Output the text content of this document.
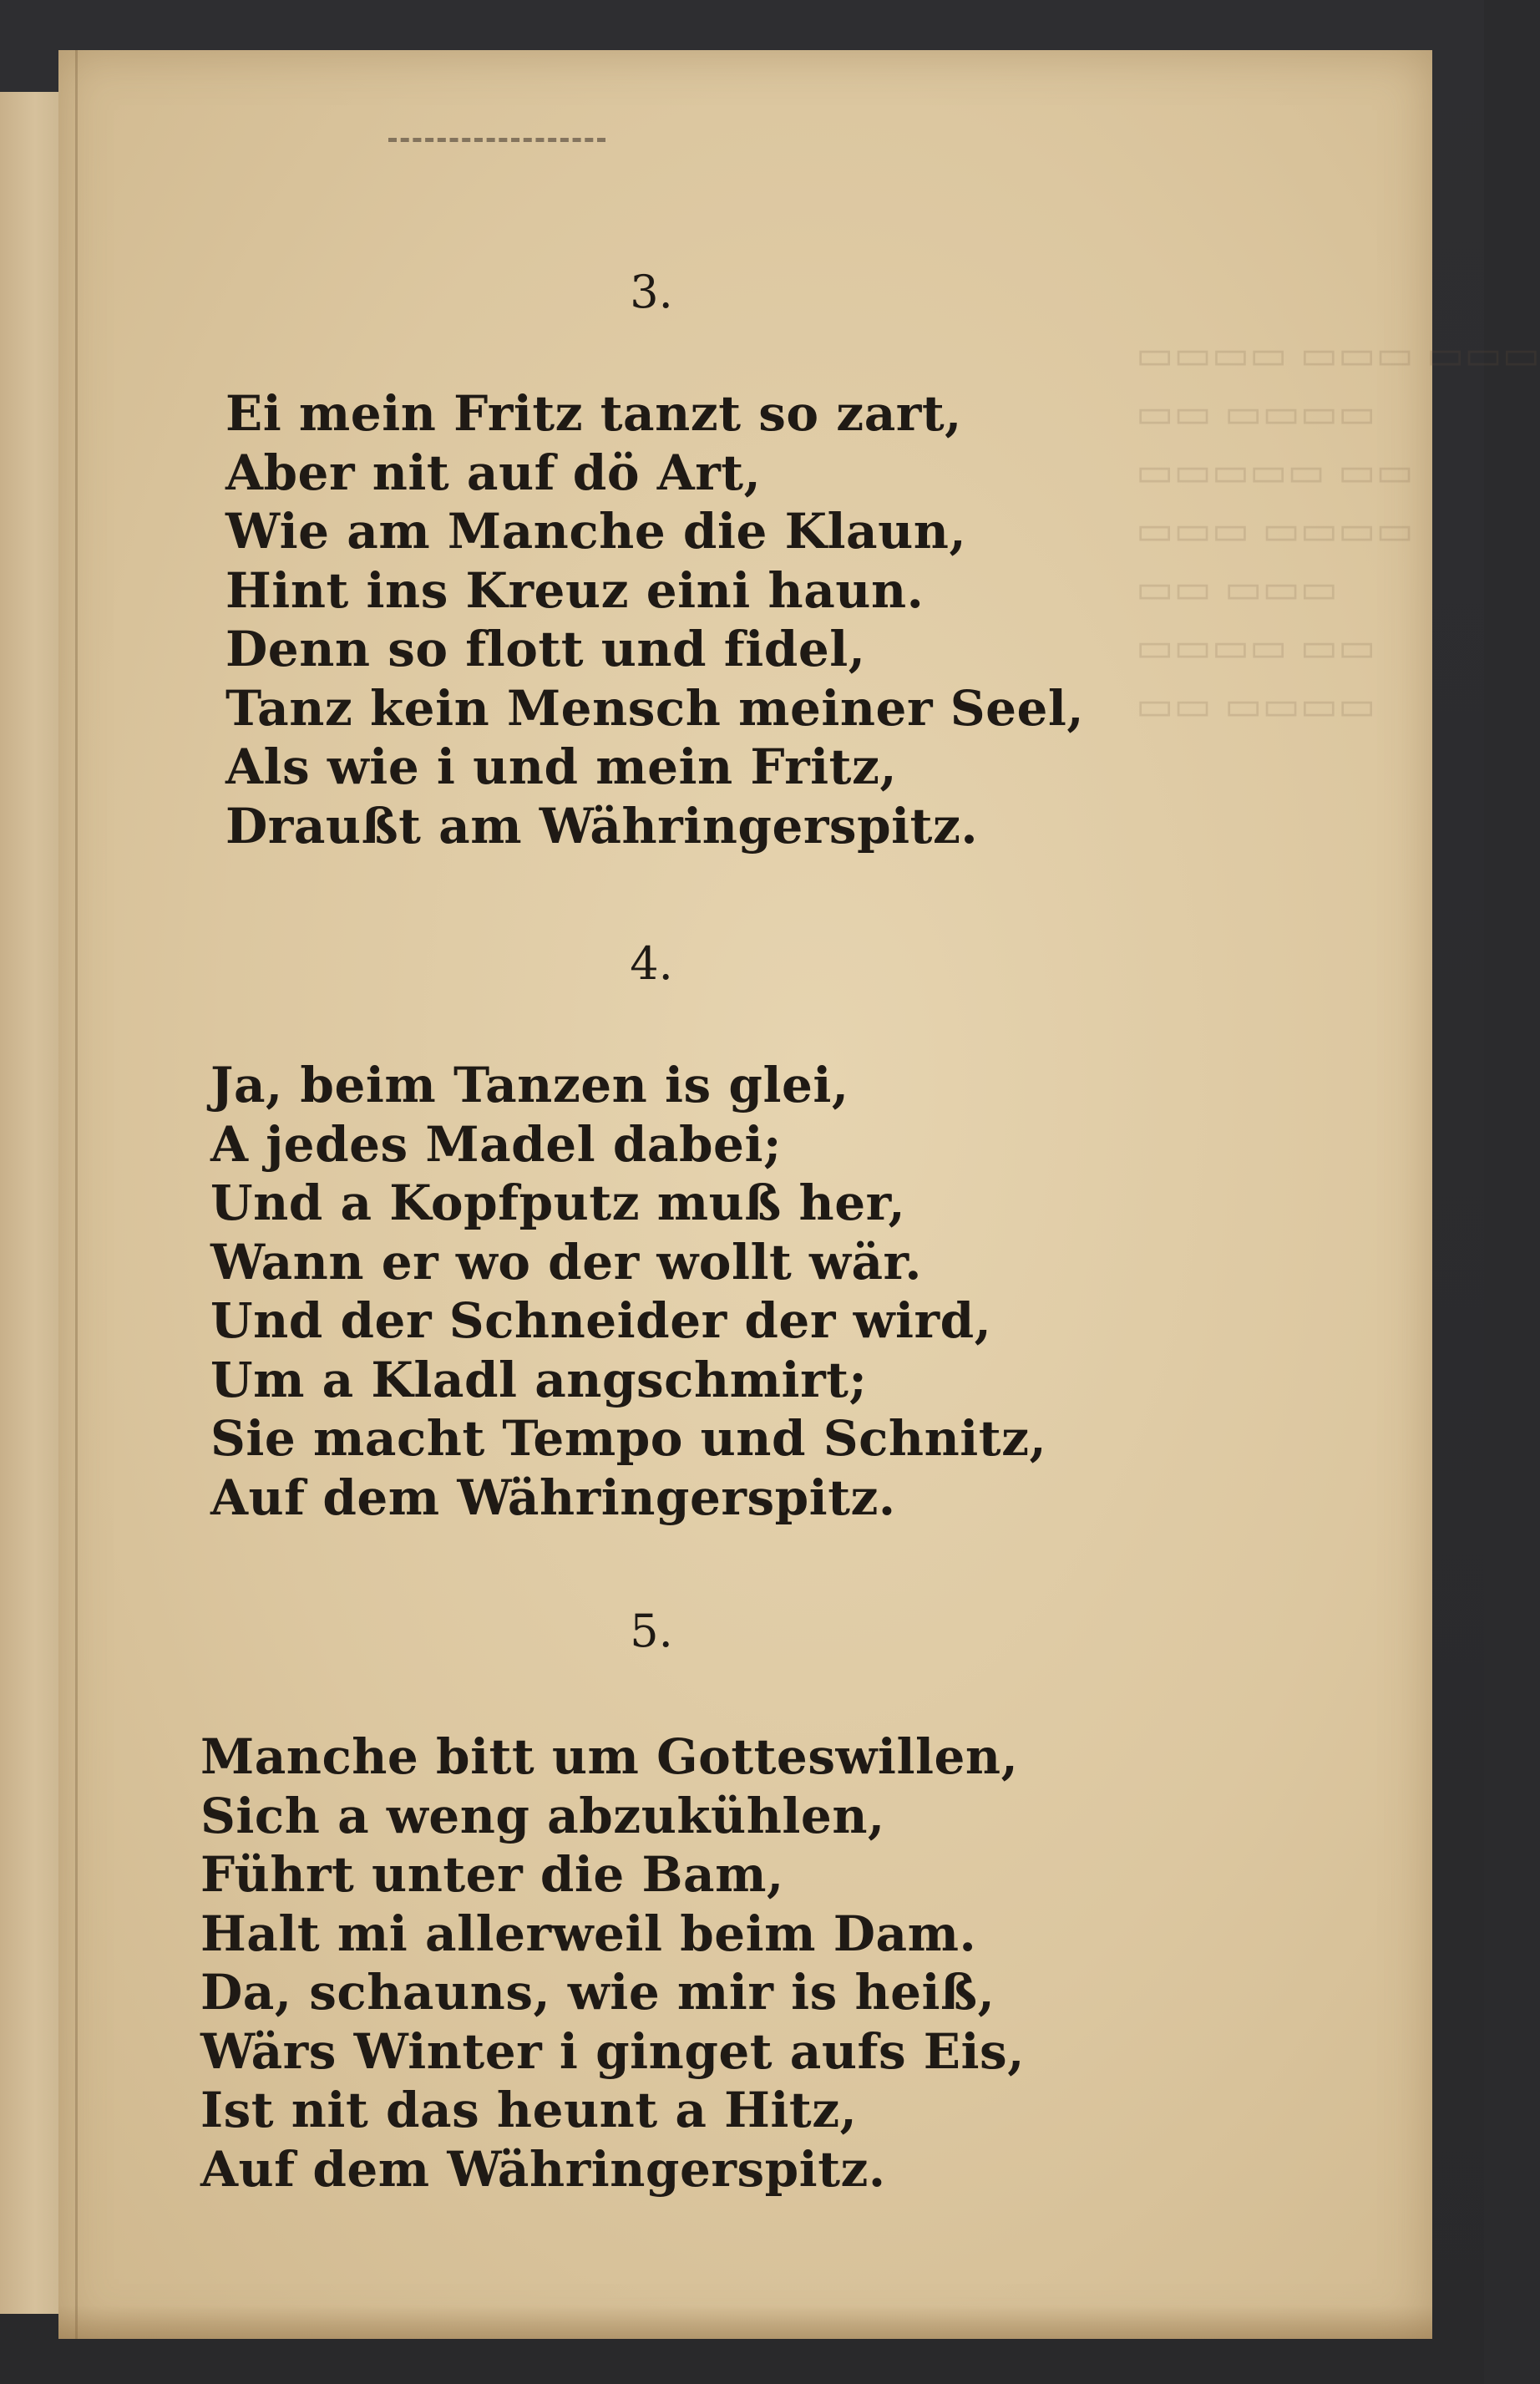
▭▭▭▭ ▭▭▭ ▭▭▭
▭▭ ▭▭▭▭
▭▭▭▭▭ ▭▭
▭▭▭ ▭▭▭▭
▭▭ ▭▭▭
▭▭▭▭ ▭▭
▭▭ ▭▭▭▭
3.
Ei mein Fritz tanzt so zart,
Aber nit auf dö Art,
Wie am Manche die Klaun,
Hint ins Kreuz eini haun.
Denn so flott und fidel,
Tanz kein Mensch meiner Seel,
Als wie i und mein Fritz,
Draußt am Währingerspitz.
4.
Ja, beim Tanzen is glei,
A jedes Madel dabei;
Und a Kopfputz muß her,
Wann er wo der wollt wär.
Und der Schneider der wird,
Um a Kladl angschmirt;
Sie macht Tempo und Schnitz,
Auf dem Währingerspitz.
5.
Manche bitt um Gotteswillen,
Sich a weng abzukühlen,
Führt unter die Bam,
Halt mi allerweil beim Dam.
Da, schauns, wie mir is heiß,
Wärs Winter i ginget aufs Eis,
Ist nit das heunt a Hitz,
Auf dem Währingerspitz.
